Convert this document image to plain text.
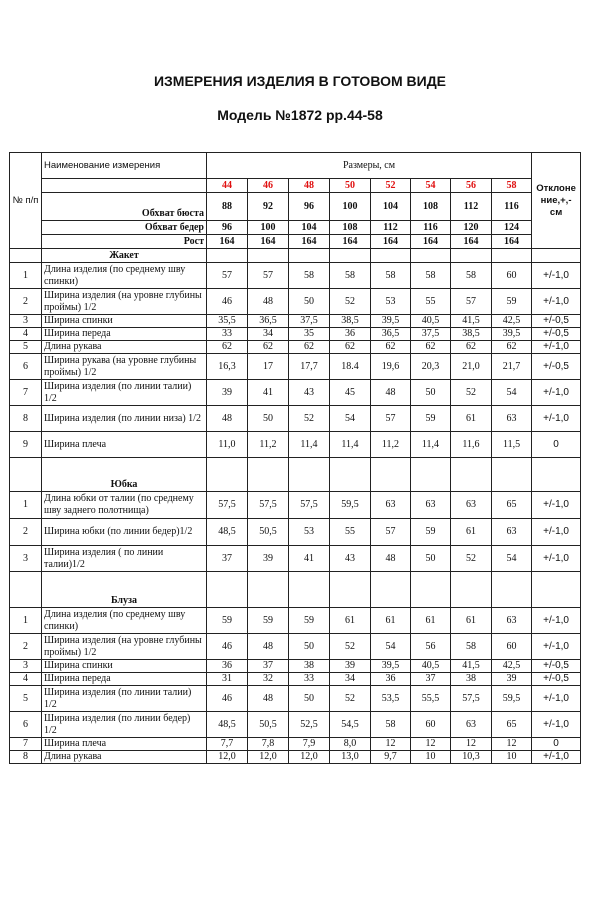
ИЗМЕРЕНИЯ ИЗДЕЛИЯ В ГОТОВОМ ВИДЕ
Модель №1872 рр.44-58
№ п/п	Наименование измерения	Размеры, см								Отклоне ние,+,- см
		44	46	48	50	52	54	56	58	
	Обхват бюста	88	92	96	100	104	108	112	116	
	Обхват бедер	96	100	104	108	112	116	120	124	
	Рост	164	164	164	164	164	164	164	164	
	Жакет									
1	Длина изделия (по среднему шву спинки)	57	57	58	58	58	58	58	60	+/-1,0
2	Ширина изделия (на уровне глубины проймы) 1/2	46	48	50	52	53	55	57	59	+/-1,0
3	Ширина спинки	35,5	36,5	37,5	38,5	39,5	40,5	41,5	42,5	+/-0,5
4	Ширина переда	33	34	35	36	36,5	37,5	38,5	39,5	+/-0,5
5	Длина рукава	62	62	62	62	62	62	62	62	+/-1,0
6	Ширина рукава (на уровне глубины проймы) 1/2	16,3	17	17,7	18.4	19,6	20,3	21,0	21,7	+/-0,5
7	Ширина изделия (по линии талии) 1/2	39	41	43	45	48	50	52	54	+/-1,0
8	Ширина изделия (по линии низа) 1/2	48	50	52	54	57	59	61	63	+/-1,0
9	Ширина плеча	11,0	11,2	11,4	11,4	11,2	11,4	11,6	11,5	0
	Юбка									
1	Длина юбки от талии (по среднему шву заднего полотнища)	57,5	57,5	57,5	59,5	63	63	63	65	+/-1,0
2	Ширина юбки (по линии бедер)1/2	48,5	50,5	53	55	57	59	61	63	+/-1,0
3	Ширина изделия ( по линии талии)1/2	37	39	41	43	48	50	52	54	+/-1,0
	Блуза									
1	Длина изделия (по среднему шву спинки)	59	59	59	61	61	61	61	63	+/-1,0
2	Ширина изделия (на уровне глубины проймы) 1/2	46	48	50	52	54	56	58	60	+/-1,0
3	Ширина спинки	36	37	38	39	39,5	40,5	41,5	42,5	+/-0,5
4	Ширина переда	31	32	33	34	36	37	38	39	+/-0,5
5	Ширина изделия (по линии талии) 1/2	46	48	50	52	53,5	55,5	57,5	59,5	+/-1,0
6	Ширина изделия (по линии бедер) 1/2	48,5	50,5	52,5	54,5	58	60	63	65	+/-1,0
7	Ширина плеча	7,7	7,8	7,9	8,0	12	12	12	12	0
8	Длина рукава	12,0	12,0	12,0	13,0	9,7	10	10,3	10	+/-1,0
